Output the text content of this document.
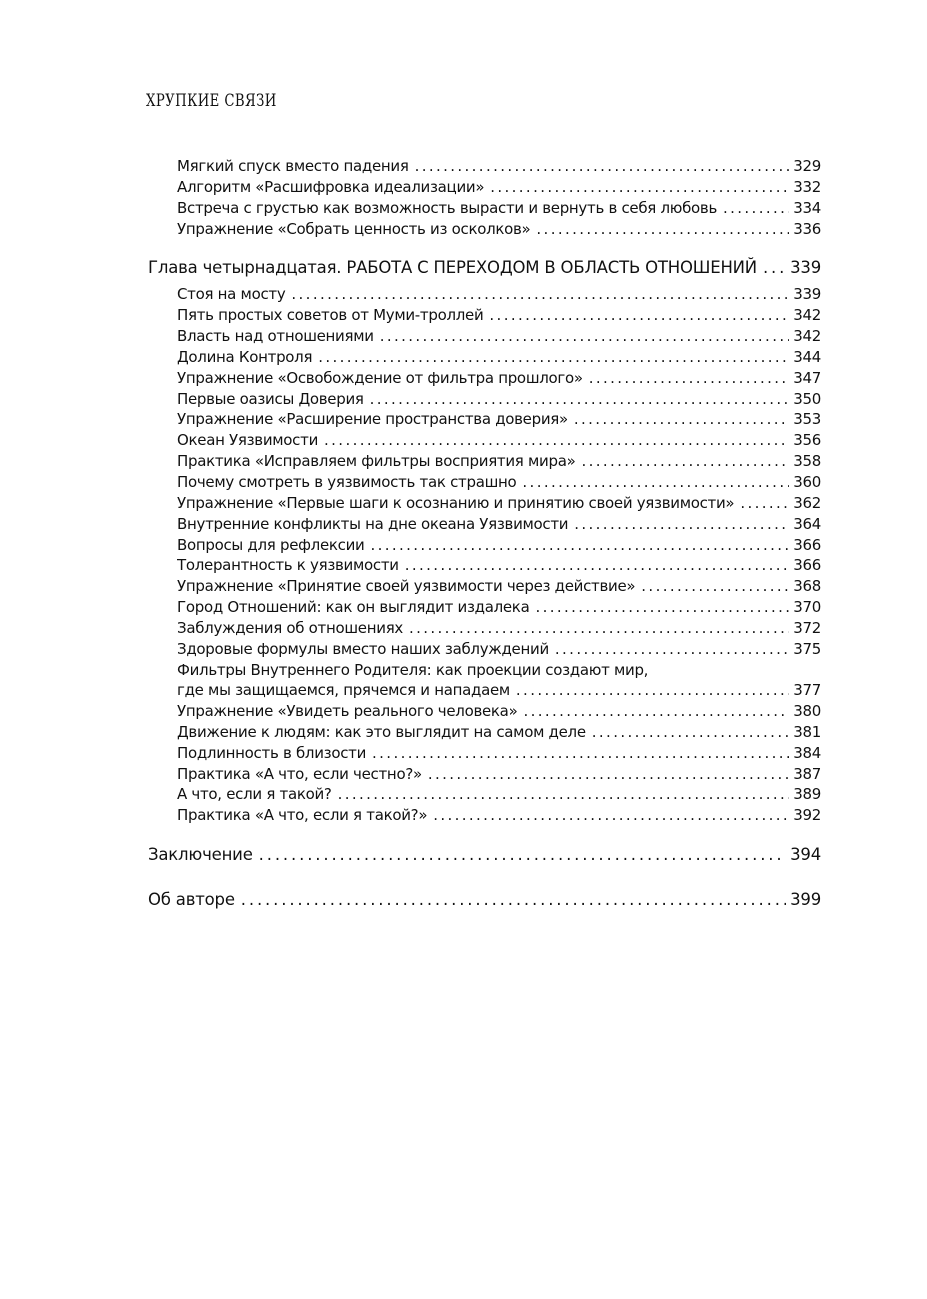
ХРУПКИЕ СВЯЗИ
Мягкий спуск вместо падения . . .	329
Алгоритм «Расшифровка идеализации» . . .	332
Встреча с грустью как возможность вырасти и вернуть в себя любовь . . .	334
Упражнение «Собрать ценность из осколков» . . .	336
Глава четырнадцатая. РАБОТА С ПЕРЕХОДОМ В ОБЛАСТЬ ОТНОШЕНИЙ . . . 339
Стоя на мосту . . .	339
Пять простых советов от Муми-троллей . . .	342
Власть над отношениями . . .	342
Долина Контроля . . .	344
Упражнение «Освобождение от фильтра прошлого» . . .	347
Первые оазисы Доверия . . .	350
Упражнение «Расширение пространства доверия» . . .	353
Океан Уязвимости . . .	356
Практика «Исправляем фильтры восприятия мира» . . .	358
Почему смотреть в уязвимость так страшно . . .	360
Упражнение «Первые шаги к осознанию и принятию своей уязвимости» . . .	362
Внутренние конфликты на дне океана Уязвимости . . .	364
Вопросы для рефлексии . . .	366
Толерантность к уязвимости . . .	366
Упражнение «Принятие своей уязвимости через действие» . . .	368
Город Отношений: как он выглядит издалека . . .	370
Заблуждения об отношениях . . .	372
Здоровые формулы вместо наших заблуждений . . .	375
Фильтры Внутреннего Родителя: как проекции создают мир,
где мы защищаемся, прячемся и нападаем . . .	377
Упражнение «Увидеть реального человека» . . .	380
Движение к людям: как это выглядит на самом деле . . .	381
Подлинность в близости . . .	384
Практика «А что, если честно?» . . .	387
А что, если я такой? . . .	389
Практика «А что, если я такой?» . . .	392
Заключение . . .	394
Об авторе . . .	399
